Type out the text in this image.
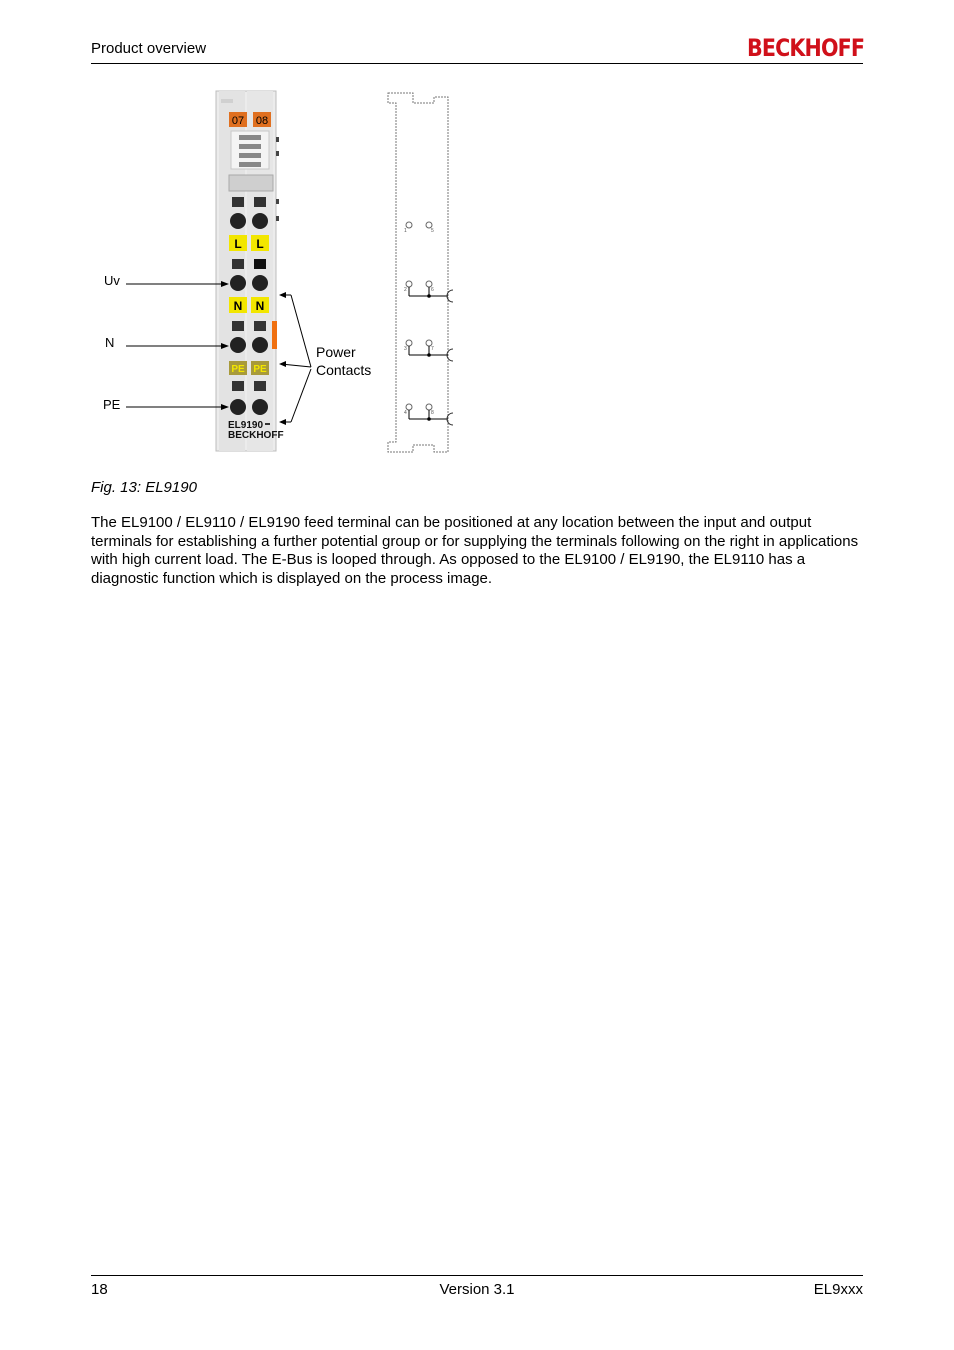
Product overview	BECKHOFF
07 08
L L
N N
PE PE
EL9190
BECKHOFF
Uv
N
PE
Power
Contacts
1	5
2	6
3	7
4	8
Fig. 13: EL9190
The EL9100 / EL9110 / EL9190 feed terminal can be positioned at any location between the input and output terminals for establishing a further potential group or for supplying the terminals following on the right in applications with high current load. The E-Bus is looped through. As opposed to the EL9100 / EL9190, the EL9110 has a diagnostic function which is displayed on the process image.
18	Version 3.1	EL9xxx
